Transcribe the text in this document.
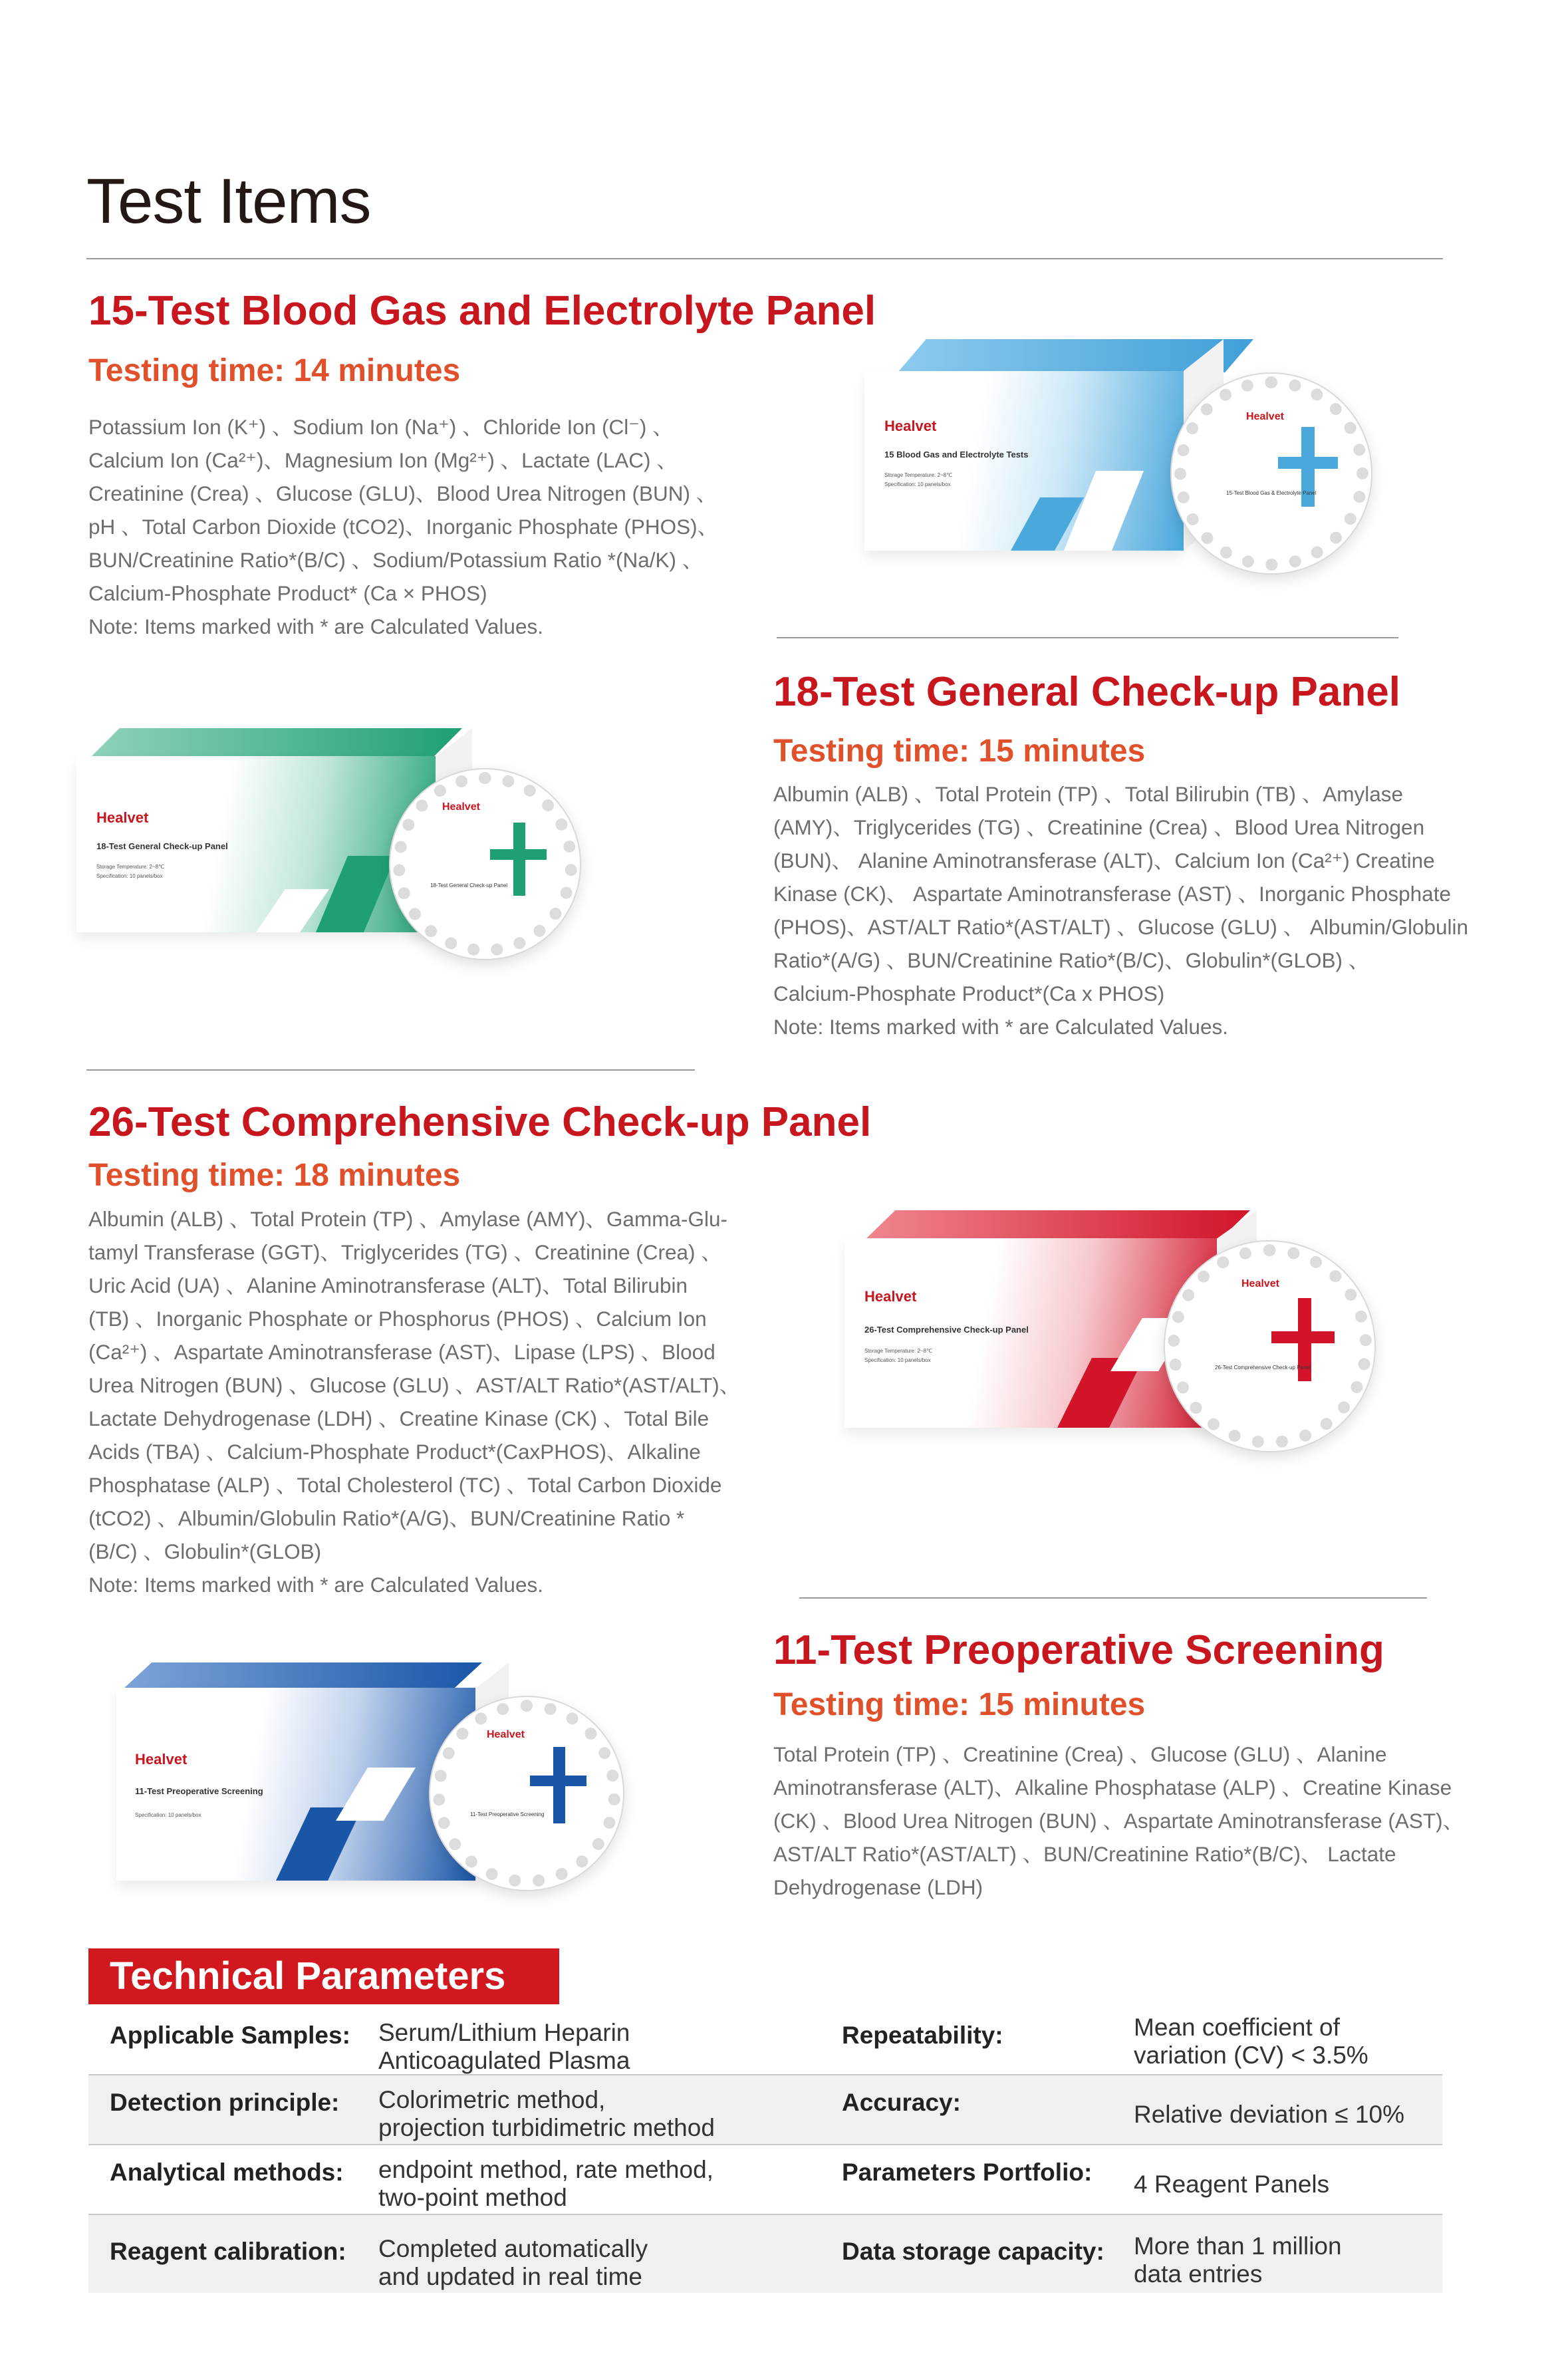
Test Items
15-Test Blood Gas and Electrolyte Panel
Testing time: 14 minutes

Potassium Ion (K⁺) 、Sodium Ion (Na⁺) 、Chloride Ion (Cl⁻) 、

Calcium Ion (Ca²⁺)、Magnesium Ion (Mg²⁺) 、Lactate (LAC) 、

Creatinine (Crea) 、Glucose (GLU)、Blood Urea Nitrogen (BUN) 、

pH 、Total Carbon Dioxide (tCO2)、Inorganic Phosphate (PHOS)、

BUN/Creatinine Ratio*(B/C) 、Sodium/Potassium Ratio *(Na/K) 、

Calcium-Phosphate Product* (Ca × PHOS)

Note: Items marked with * are Calculated Values.

Healvet
15 Blood Gas and Electrolyte Tests
Storage Temperature: 2~8℃
Specification: 10 panels/box
Healvet
15-Test Blood Gas & Electrolyte Panel
18-Test General Check-up Panel
Testing time: 15 minutes

Albumin (ALB) 、Total Protein (TP) 、Total Bilirubin (TB) 、Amylase

(AMY)、Triglycerides (TG) 、Creatinine (Crea) 、Blood Urea Nitrogen

(BUN)、 Alanine Aminotransferase (ALT)、Calcium Ion (Ca²⁺) Creatine

Kinase (CK)、 Aspartate Aminotransferase (AST) 、Inorganic Phosphate

(PHOS)、AST/ALT Ratio*(AST/ALT) 、Glucose (GLU) 、 Albumin/Globulin

Ratio*(A/G) 、BUN/Creatinine Ratio*(B/C)、Globulin*(GLOB) 、

Calcium-Phosphate Product*(Ca x PHOS)

Note: Items marked with * are Calculated Values.

Healvet
18-Test General Check-up Panel
Storage Temperature: 2~8℃
Specification: 10 panels/box
Healvet
18-Test General Check-up Panel
26-Test Comprehensive Check-up Panel
Testing time: 18 minutes

Albumin (ALB) 、Total Protein (TP) 、Amylase (AMY)、Gamma-Glu-

tamyl Transferase (GGT)、Triglycerides (TG) 、Creatinine (Crea) 、

Uric Acid (UA) 、Alanine Aminotransferase (ALT)、Total Bilirubin

(TB) 、Inorganic Phosphate or Phosphorus (PHOS) 、Calcium Ion

(Ca²⁺) 、Aspartate Aminotransferase (AST)、Lipase (LPS) 、Blood

Urea Nitrogen (BUN) 、Glucose (GLU) 、AST/ALT Ratio*(AST/ALT)、

Lactate Dehydrogenase (LDH) 、Creatine Kinase (CK) 、Total Bile

Acids (TBA) 、Calcium-Phosphate Product*(CaxPHOS)、Alkaline

Phosphatase (ALP) 、Total Cholesterol (TC) 、Total Carbon Dioxide

(tCO2) 、Albumin/Globulin Ratio*(A/G)、BUN/Creatinine Ratio *

(B/C) 、Globulin*(GLOB)

Note: Items marked with * are Calculated Values.

Healvet
26-Test Comprehensive Check-up Panel
Storage Temperature: 2~8℃
Specification: 10 panels/box
Healvet
26-Test Comprehensive Check-up Panel
11-Test Preoperative Screening
Testing time: 15 minutes

Total Protein (TP) 、Creatinine (Crea) 、Glucose (GLU) 、Alanine

Aminotransferase (ALT)、Alkaline Phosphatase (ALP) 、Creatine Kinase

(CK) 、Blood Urea Nitrogen (BUN) 、Aspartate Aminotransferase (AST)、

AST/ALT Ratio*(AST/ALT) 、BUN/Creatinine Ratio*(B/C)、 Lactate

Dehydrogenase (LDH)

Healvet
11-Test Preoperative Screening
Specification: 10 panels/box
Healvet
11-Test Preoperative Screening
Technical Parameters
Applicable Samples: Serum/Lithium Heparin
Anticoagulated Plasma
Repeatability:	Mean coefficient of
variation (CV) < 3.5%
Detection principle: Colorimetric method,
projection turbidimetric method
Accuracy:	Relative deviation ≤ 10%
Analytical methods: endpoint method, rate method,
two-point method
Parameters Portfolio: 4 Reagent Panels
Reagent calibration: Completed automatically
and updated in real time
Data storage capacity: More than 1 million
data entries
